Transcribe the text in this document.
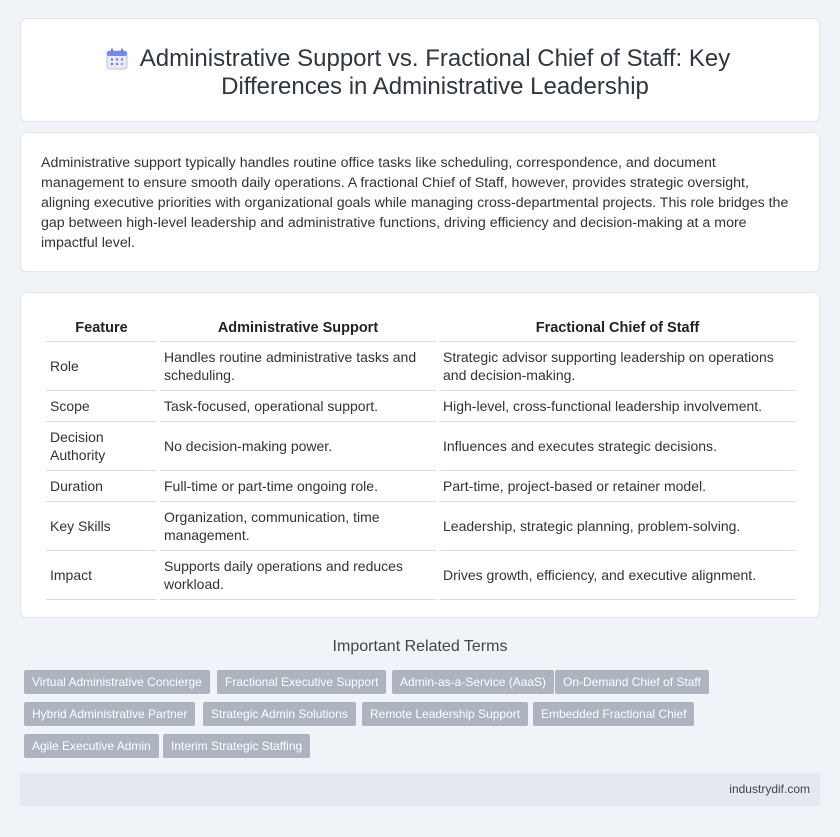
Administrative Support vs. Fractional Chief of Staff: Key Differences in Administrative Leadership

Administrative support typically handles routine office tasks like scheduling, correspondence, and document management to ensure smooth daily operations. A fractional Chief of Staff, however, provides strategic oversight, aligning executive priorities with organizational goals while managing cross-departmental projects. This role bridges the gap between high-level leadership and administrative functions, driving efficiency and decision-making at a more impactful level.

Feature	Administrative Support	Fractional Chief of Staff
Role	Handles routine administrative tasks and scheduling.	Strategic advisor supporting leadership on operations and decision-making.
Scope	Task-focused, operational support.	High-level, cross-functional leadership involvement.
Decision Authority	No decision-making power.	Influences and executes strategic decisions.
Duration	Full-time or part-time ongoing role.	Part-time, project-based or retainer model.
Key Skills	Organization, communication, time management.	Leadership, strategic planning, problem-solving.
Impact	Supports daily operations and reduces workload.	Drives growth, efficiency, and executive alignment.
Important Related Terms
Virtual Administrative Concierge	Fractional Executive Support	Admin-as-a-Service (AaaS)	On-Demand Chief of Staff
Hybrid Administrative Partner	Strategic Admin Solutions	Remote Leadership Support	Embedded Fractional Chief
Agile Executive Admin	Interim Strategic Staffing
industrydif.com
